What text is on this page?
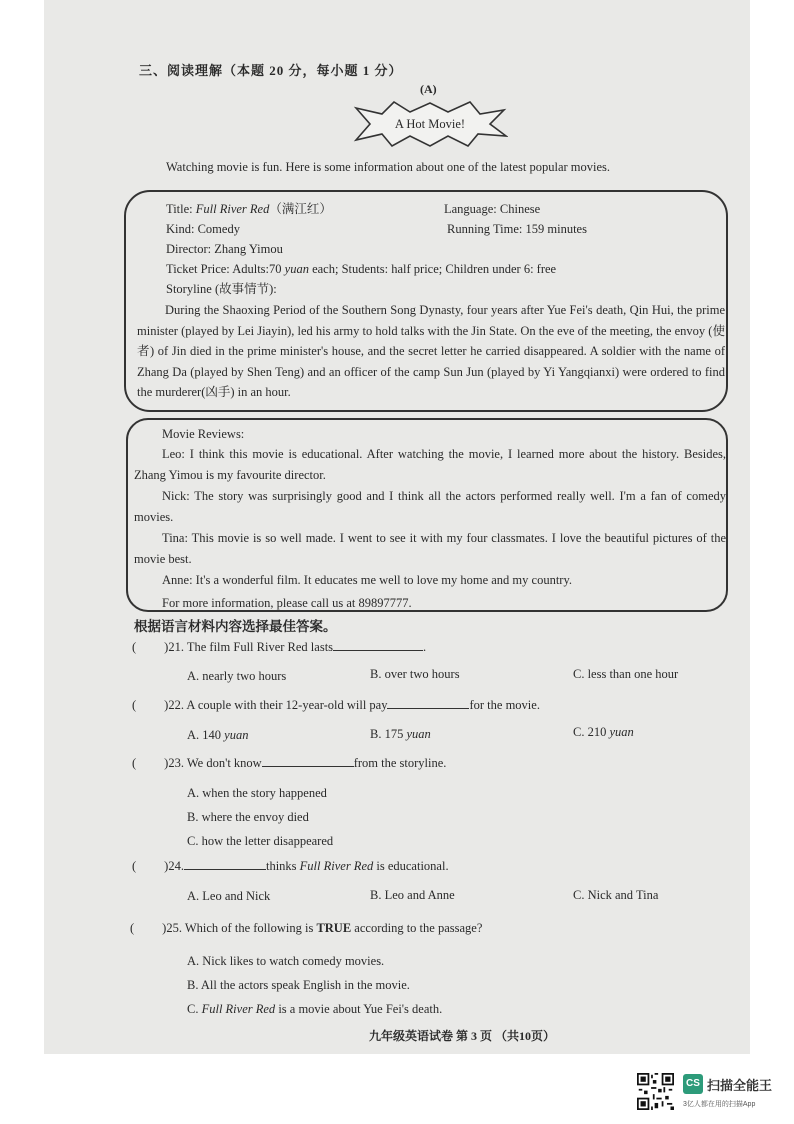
三、阅读理解（本题 20 分，每小题 1 分）
(A)
A Hot Movie!
Watching movie is fun. Here is some information about one of the latest popular movies.
Title: Full River Red（满江红）	Language: Chinese
Kind: Comedy	Running Time: 159 minutes
Director: Zhang Yimou
Ticket Price: Adults:70 yuan each; Students: half price; Children under 6: free
Storyline (故事情节):
During the Shaoxing Period of the Southern Song Dynasty, four years after Yue Fei's death, Qin Hui, the prime minister (played by Lei Jiayin), led his army to hold talks with the Jin State. On the eve of the meeting, the envoy (使者) of Jin died in the prime minister's house, and the secret letter he carried disappeared. A soldier with the name of Zhang Da (played by Shen Teng) and an officer of the camp Sun Jun (played by Yi Yangqianxi) were ordered to find the murderer(凶手) in an hour.
Movie Reviews:
Leo: I think this movie is educational. After watching the movie, I learned more about the history. Besides, Zhang Yimou is my favourite director.
Nick: The story was surprisingly good and I think all the actors performed really well. I'm a fan of comedy movies.
Tina: This movie is so well made. I went to see it with my four classmates. I love the beautiful pictures of the movie best.
Anne: It's a wonderful film. It educates me well to love my home and my country.
For more information, please call us at 89897777.
根据语言材料内容选择最佳答案。
( )21. The film Full River Red lasts	.
A. nearly two hours	B. over two hours	C. less than one hour
( )22. A couple with their 12-year-old will pay	for the movie.
A. 140 yuan	B. 175 yuan	C. 210 yuan
( )23. We don't know	from the storyline.
A. when the story happened
B. where the envoy died
C. how the letter disappeared
( )24.	thinks Full River Red is educational.
A. Leo and Nick	B. Leo and Anne	C. Nick and Tina
( )25. Which of the following is TRUE according to the passage?
A. Nick likes to watch comedy movies.
B. All the actors speak English in the movie.
C. Full River Red is a movie about Yue Fei's death.
九年级英语试卷 第 3 页 （共10页）
CS 扫描全能王
3亿人都在用的扫描App
